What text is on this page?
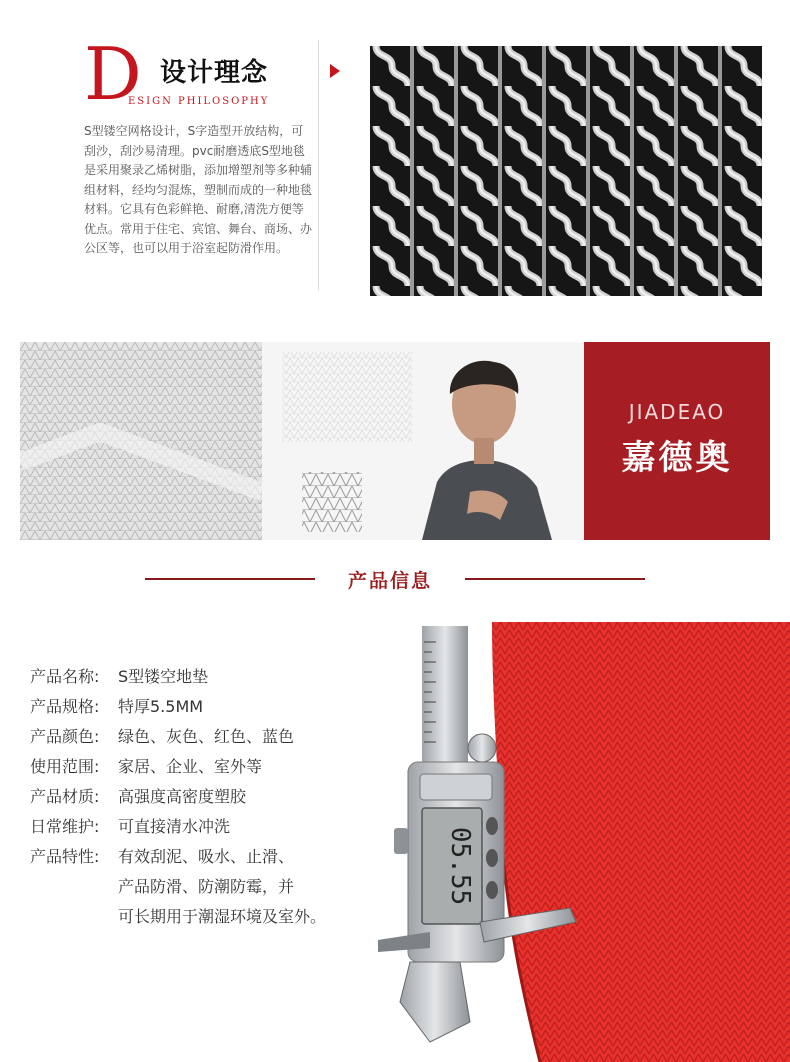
D 设计理念
ESIGN PHILOSOPHY
S型镂空网格设计，S字造型开放结构，可刮沙，刮沙易清理。pvc耐磨透底S型地毯是采用聚录乙烯树脂，添加增塑剂等多种辅组材料，经均匀混炼，塑制而成的一种地毯材料。它具有色彩鲜艳、耐磨,清洗方便等优点。常用于住宅、宾馆、舞台、商场、办公区等，也可以用于浴室起防滑作用。
JIADEAO
嘉德奥
产品信息
产品名称:	S型镂空地垫
产品规格:	特厚5.5MM
产品颜色:	绿色、灰色、红色、蓝色
使用范围:	家居、企业、室外等
产品材质:	高强度高密度塑胶
日常维护:	可直接清水冲洗
产品特性:	有效刮泥、吸水、止滑、
产品防滑、防潮防霉，并
可长期用于潮湿环境及室外。
05.55
